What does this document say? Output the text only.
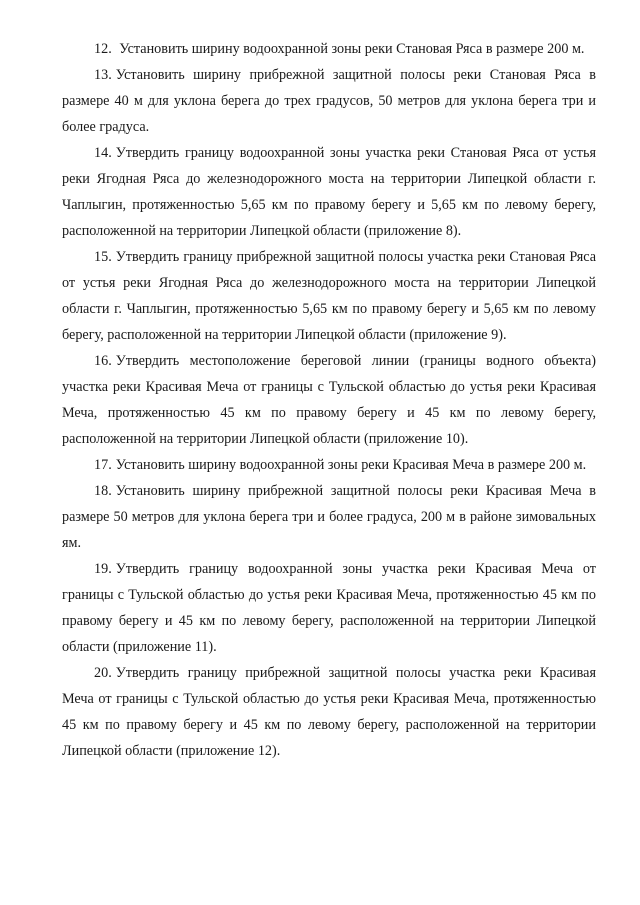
12. Установить ширину водоохранной зоны реки Становая Ряса в размере 200 м.

13. Установить ширину прибрежной защитной полосы реки Становая Ряса в размере 40 м для уклона берега до трех градусов, 50 метров для уклона берега три и более градуса.

14. Утвердить границу водоохранной зоны участка реки Становая Ряса от устья реки Ягодная Ряса до железнодорожного моста на территории Липецкой области г. Чаплыгин, протяженностью 5,65 км по правому берегу и 5,65 км по левому берегу, расположенной на территории Липецкой области (приложение 8).

15. Утвердить границу прибрежной защитной полосы участка реки Становая Ряса от устья реки Ягодная Ряса до железнодорожного моста на территории Липецкой области г. Чаплыгин, протяженностью 5,65 км по правому берегу и 5,65 км по левому берегу, расположенной на территории Липецкой области (приложение 9).

16. Утвердить местоположение береговой линии (границы водного объекта) участка реки Красивая Меча от границы с Тульской областью до устья реки Красивая Меча, протяженностью 45 км по правому берегу и 45 км по левому берегу, расположенной на территории Липецкой области (приложение 10).

17. Установить ширину водоохранной зоны реки Красивая Меча в размере 200 м.

18. Установить ширину прибрежной защитной полосы реки Красивая Меча в размере 50 метров для уклона берега три и более градуса, 200 м в районе зимовальных ям.

19. Утвердить границу водоохранной зоны участка реки Красивая Меча от границы с Тульской областью до устья реки Красивая Меча, протяженностью 45 км по правому берегу и 45 км по левому берегу, расположенной на территории Липецкой области (приложение 11).

20. Утвердить границу прибрежной защитной полосы участка реки Красивая Меча от границы с Тульской областью до устья реки Красивая Меча, протяженностью 45 км по правому берегу и 45 км по левому берегу, расположенной на территории Липецкой области (приложение 12).
